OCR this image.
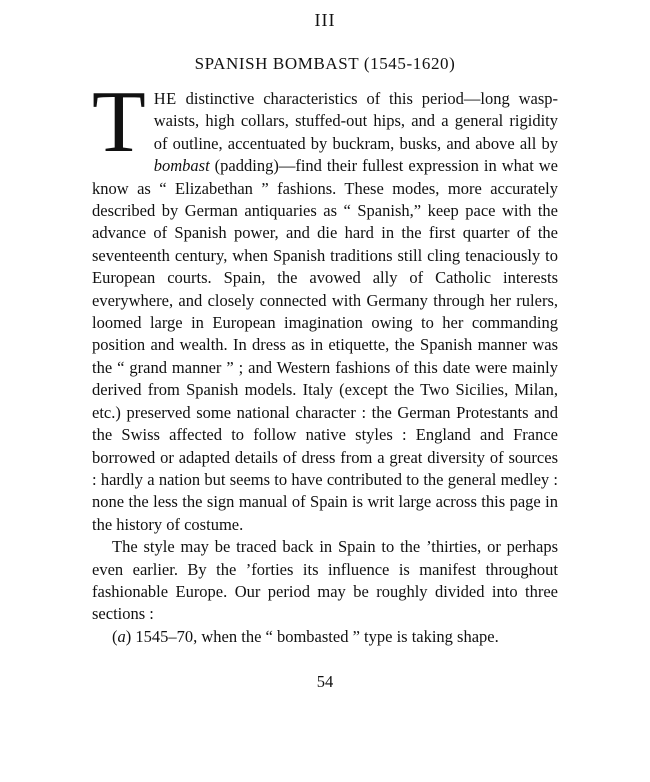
III
SPANISH BOMBAST (1545-1620)

THE distinctive characteristics of this period—long wasp-waists, high collars, stuffed-out hips, and a general rigidity of outline, accentuated by buckram, busks, and above all by bombast (padding)—find their fullest expression in what we know as “ Elizabethan ” fashions. These modes, more accurately described by German antiquaries as “ Spanish,” keep pace with the advance of Spanish power, and die hard in the first quarter of the seventeenth century, when Spanish traditions still cling tenaciously to European courts. Spain, the avowed ally of Catholic interests everywhere, and closely connected with Germany through her rulers, loomed large in European imagination owing to her commanding position and wealth. In dress as in etiquette, the Spanish manner was the “ grand manner ” ; and Western fashions of this date were mainly derived from Spanish models. Italy (except the Two Sicilies, Milan, etc.) preserved some national character : the German Protestants and the Swiss affected to follow native styles : England and France borrowed or adapted details of dress from a great diversity of sources : hardly a nation but seems to have contributed to the general medley : none the less the sign manual of Spain is writ large across this page in the history of costume.

The style may be traced back in Spain to the ’thirties, or perhaps even earlier. By the ’forties its influence is manifest throughout fashionable Europe. Our period may be roughly divided into three sections :

(a) 1545–70, when the “ bombasted ” type is taking shape.

54
